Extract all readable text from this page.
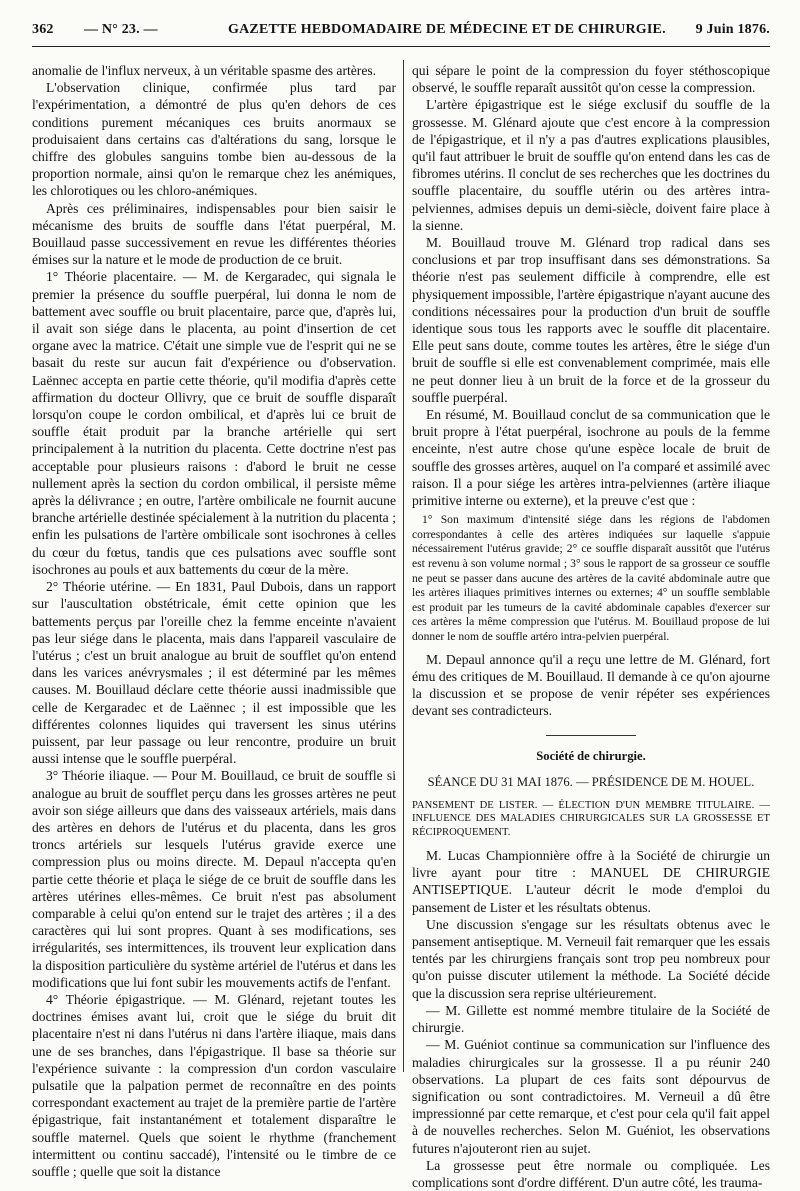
362 — N° 23. —	GAZETTE HEBDOMADAIRE DE MÉDECINE ET DE CHIRURGIE. 9 Juin 1876.

anomalie de l'influx nerveux, à un véritable spasme des artères.

L'observation clinique, confirmée plus tard par l'expérimentation, a démontré de plus qu'en dehors de ces conditions purement mécaniques ces bruits anormaux se produisaient dans certains cas d'altérations du sang, lorsque le chiffre des globules sanguins tombe bien au-dessous de la proportion normale, ainsi qu'on le remarque chez les anémiques, les chlorotiques ou les chloro-anémiques.

Après ces préliminaires, indispensables pour bien saisir le mécanisme des bruits de souffle dans l'état puerpéral, M. Bouillaud passe successivement en revue les différentes théories émises sur la nature et le mode de production de ce bruit.

1° Théorie placentaire. — M. de Kergaradec, qui signala le premier la présence du souffle puerpéral, lui donna le nom de battement avec souffle ou bruit placentaire, parce que, d'après lui, il avait son siége dans le placenta, au point d'insertion de cet organe avec la matrice. C'était une simple vue de l'esprit qui ne se basait du reste sur aucun fait d'expérience ou d'observation. Laënnec accepta en partie cette théorie, qu'il modifia d'après cette affirmation du docteur Ollivry, que ce bruit de souffle disparaît lorsqu'on coupe le cordon ombilical, et d'après lui ce bruit de souffle était produit par la branche artérielle qui sert principalement à la nutrition du placenta. Cette doctrine n'est pas acceptable pour plusieurs raisons : d'abord le bruit ne cesse nullement après la section du cordon ombilical, il persiste même après la délivrance ; en outre, l'artère ombilicale ne fournit aucune branche artérielle destinée spécialement à la nutrition du placenta ; enfin les pulsations de l'artère ombilicale sont isochrones à celles du cœur du fœtus, tandis que ces pulsations avec souffle sont isochrones au pouls et aux battements du cœur de la mère.

2° Théorie utérine. — En 1831, Paul Dubois, dans un rapport sur l'auscultation obstétricale, émit cette opinion que les battements perçus par l'oreille chez la femme enceinte n'avaient pas leur siége dans le placenta, mais dans l'appareil vasculaire de l'utérus ; c'est un bruit analogue au bruit de soufflet qu'on entend dans les varices anévrysmales ; il est déterminé par les mêmes causes. M. Bouillaud déclare cette théorie aussi inadmissible que celle de Kergaradec et de Laënnec ; il est impossible que les différentes colonnes liquides qui traversent les sinus utérins puissent, par leur passage ou leur rencontre, produire un bruit aussi intense que le souffle puerpéral.

3° Théorie iliaque. — Pour M. Bouillaud, ce bruit de souffle si analogue au bruit de soufflet perçu dans les grosses artères ne peut avoir son siége ailleurs que dans des vaisseaux artériels, mais dans des artères en dehors de l'utérus et du placenta, dans les gros troncs artériels sur lesquels l'utérus gravide exerce une compression plus ou moins directe. M. Depaul n'accepta qu'en partie cette théorie et plaça le siége de ce bruit de souffle dans les artères utérines elles-mêmes. Ce bruit n'est pas absolument comparable à celui qu'on entend sur le trajet des artères ; il a des caractères qui lui sont propres. Quant à ses modifications, ses irrégularités, ses intermittences, ils trouvent leur explication dans la disposition particulière du système artériel de l'utérus et dans les modifications que lui font subir les mouvements actifs de l'enfant.

4° Théorie épigastrique. — M. Glénard, rejetant toutes les doctrines émises avant lui, croit que le siége du bruit dit placentaire n'est ni dans l'utérus ni dans l'artère iliaque, mais dans une de ses branches, dans l'épigastrique. Il base sa théorie sur l'expérience suivante : la compression d'un cordon vasculaire pulsatile que la palpation permet de reconnaître en des points correspondant exactement au trajet de la première partie de l'artère épigastrique, fait instantanément et totalement disparaître le souffle maternel. Quels que soient le rhythme (franchement intermittent ou continu saccadé), l'intensité ou le timbre de ce souffle ; quelle que soit la distance

qui sépare le point de la compression du foyer stéthoscopique observé, le souffle reparaît aussitôt qu'on cesse la compression.

L'artère épigastrique est le siége exclusif du souffle de la grossesse. M. Glénard ajoute que c'est encore à la compression de l'épigastrique, et il n'y a pas d'autres explications plausibles, qu'il faut attribuer le bruit de souffle qu'on entend dans les cas de fibromes utérins. Il conclut de ses recherches que les doctrines du souffle placentaire, du souffle utérin ou des artères intra-pelviennes, admises depuis un demi-siècle, doivent faire place à la sienne.

M. Bouillaud trouve M. Glénard trop radical dans ses conclusions et par trop insuffisant dans ses démonstrations. Sa théorie n'est pas seulement difficile à comprendre, elle est physiquement impossible, l'artère épigastrique n'ayant aucune des conditions nécessaires pour la production d'un bruit de souffle identique sous tous les rapports avec le souffle dit placentaire. Elle peut sans doute, comme toutes les artères, être le siége d'un bruit de souffle si elle est convenablement comprimée, mais elle ne peut donner lieu à un bruit de la force et de la grosseur du souffle puerpéral.

En résumé, M. Bouillaud conclut de sa communication que le bruit propre à l'état puerpéral, isochrone au pouls de la femme enceinte, n'est autre chose qu'une espèce locale de bruit de souffle des grosses artères, auquel on l'a comparé et assimilé avec raison. Il a pour siége les artères intra-pelviennes (artère iliaque primitive interne ou externe), et la preuve c'est que :

1° Son maximum d'intensité siége dans les régions de l'abdomen correspondantes à celle des artères indiquées sur laquelle s'appuie nécessairement l'utérus gravide; 2° ce souffle disparaît aussitôt que l'utérus est revenu à son volume normal ; 3° sous le rapport de sa grosseur ce souffle ne peut se passer dans aucune des artères de la cavité abdominale autre que les artères iliaques primitives internes ou externes; 4° un souffle semblable est produit par les tumeurs de la cavité abdominale capables d'exercer sur ces artères la même compression que l'utérus. M. Bouillaud propose de lui donner le nom de souffle artéro intra-pelvien puerpéral.

M. Depaul annonce qu'il a reçu une lettre de M. Glénard, fort ému des critiques de M. Bouillaud. Il demande à ce qu'on ajourne la discussion et se propose de venir répéter ses expériences devant ses contradicteurs.

Société de chirurgie.
SÉANCE DU 31 MAI 1876. — PRÉSIDENCE DE M. HOUEL.

PANSEMENT DE LISTER. — ÉLECTION D'UN MEMBRE TITULAIRE. — INFLUENCE DES MALADIES CHIRURGICALES SUR LA GROSSESSE ET RÉCIPROQUEMENT.

M. Lucas Championnière offre à la Société de chirurgie un livre ayant pour titre : MANUEL DE CHIRURGIE ANTISEPTIQUE. L'auteur décrit le mode d'emploi du pansement de Lister et les résultats obtenus.

Une discussion s'engage sur les résultats obtenus avec le pansement antiseptique. M. Verneuil fait remarquer que les essais tentés par les chirurgiens français sont trop peu nombreux pour qu'on puisse discuter utilement la méthode. La Société décide que la discussion sera reprise ultérieurement.

— M. Gillette est nommé membre titulaire de la Société de chirurgie.

— M. Guéniot continue sa communication sur l'influence des maladies chirurgicales sur la grossesse. Il a pu réunir 240 observations. La plupart de ces faits sont dépourvus de signification ou sont contradictoires. M. Verneuil a dû être impressionné par cette remarque, et c'est pour cela qu'il fait appel à de nouvelles recherches. Selon M. Guéniot, les observations futures n'ajouteront rien au sujet.

La grossesse peut être normale ou compliquée. Les complications sont d'ordre différent. D'un autre côté, les trauma-
